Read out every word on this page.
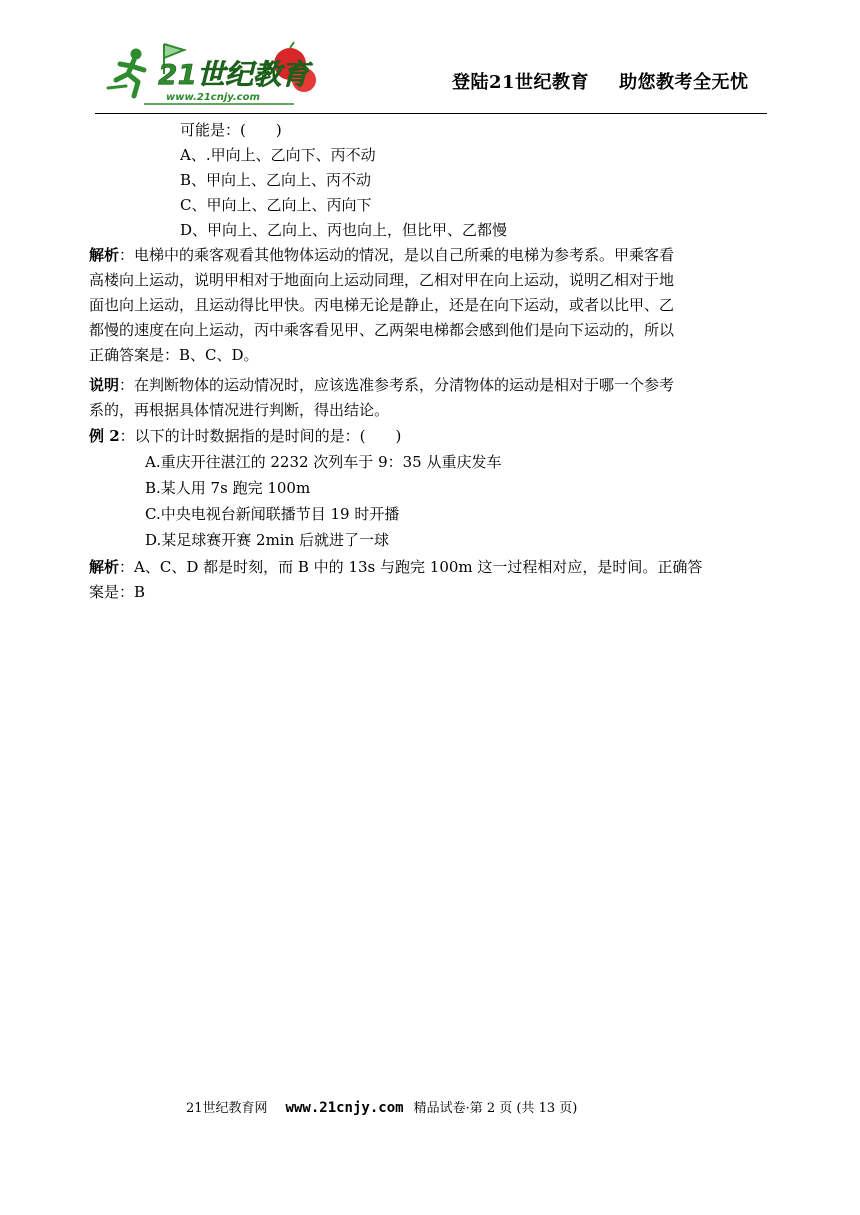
21世纪教育
www.21cnjy.com
登陆21世纪教育 助您教考全无忧
可能是：(　　)
A、.甲向上、乙向下、丙不动
B、甲向上、乙向上、丙不动
C、甲向上、乙向上、丙向下
D、甲向上、乙向上、丙也向上，但比甲、乙都慢
解析：电梯中的乘客观看其他物体运动的情况，是以自己所乘的电梯为参考系。甲乘客看
高楼向上运动，说明甲相对于地面向上运动同理，乙相对甲在向上运动，说明乙相对于地
面也向上运动，且运动得比甲快。丙电梯无论是静止，还是在向下运动，或者以比甲、乙
都慢的速度在向上运动，丙中乘客看见甲、乙两架电梯都会感到他们是向下运动的，所以
正确答案是：B、C、D。
说明：在判断物体的运动情况时，应该选准参考系，分清物体的运动是相对于哪一个参考
系的，再根据具体情况进行判断，得出结论。
例 2：以下的计时数据指的是时间的是：(　　)
A.重庆开往湛江的 2232 次列车于 9：35 从重庆发车
B.某人用 7s 跑完 100m
C.中央电视台新闻联播节目 19 时开播
D.某足球赛开赛 2min 后就进了一球
解析：A、C、D 都是时刻，而 B 中的 13s 与跑完 100m 这一过程相对应，是时间。正确答
案是：B
21世纪教育网 www.21cnjy.com 精品试卷·第 2 页 (共 13 页)
